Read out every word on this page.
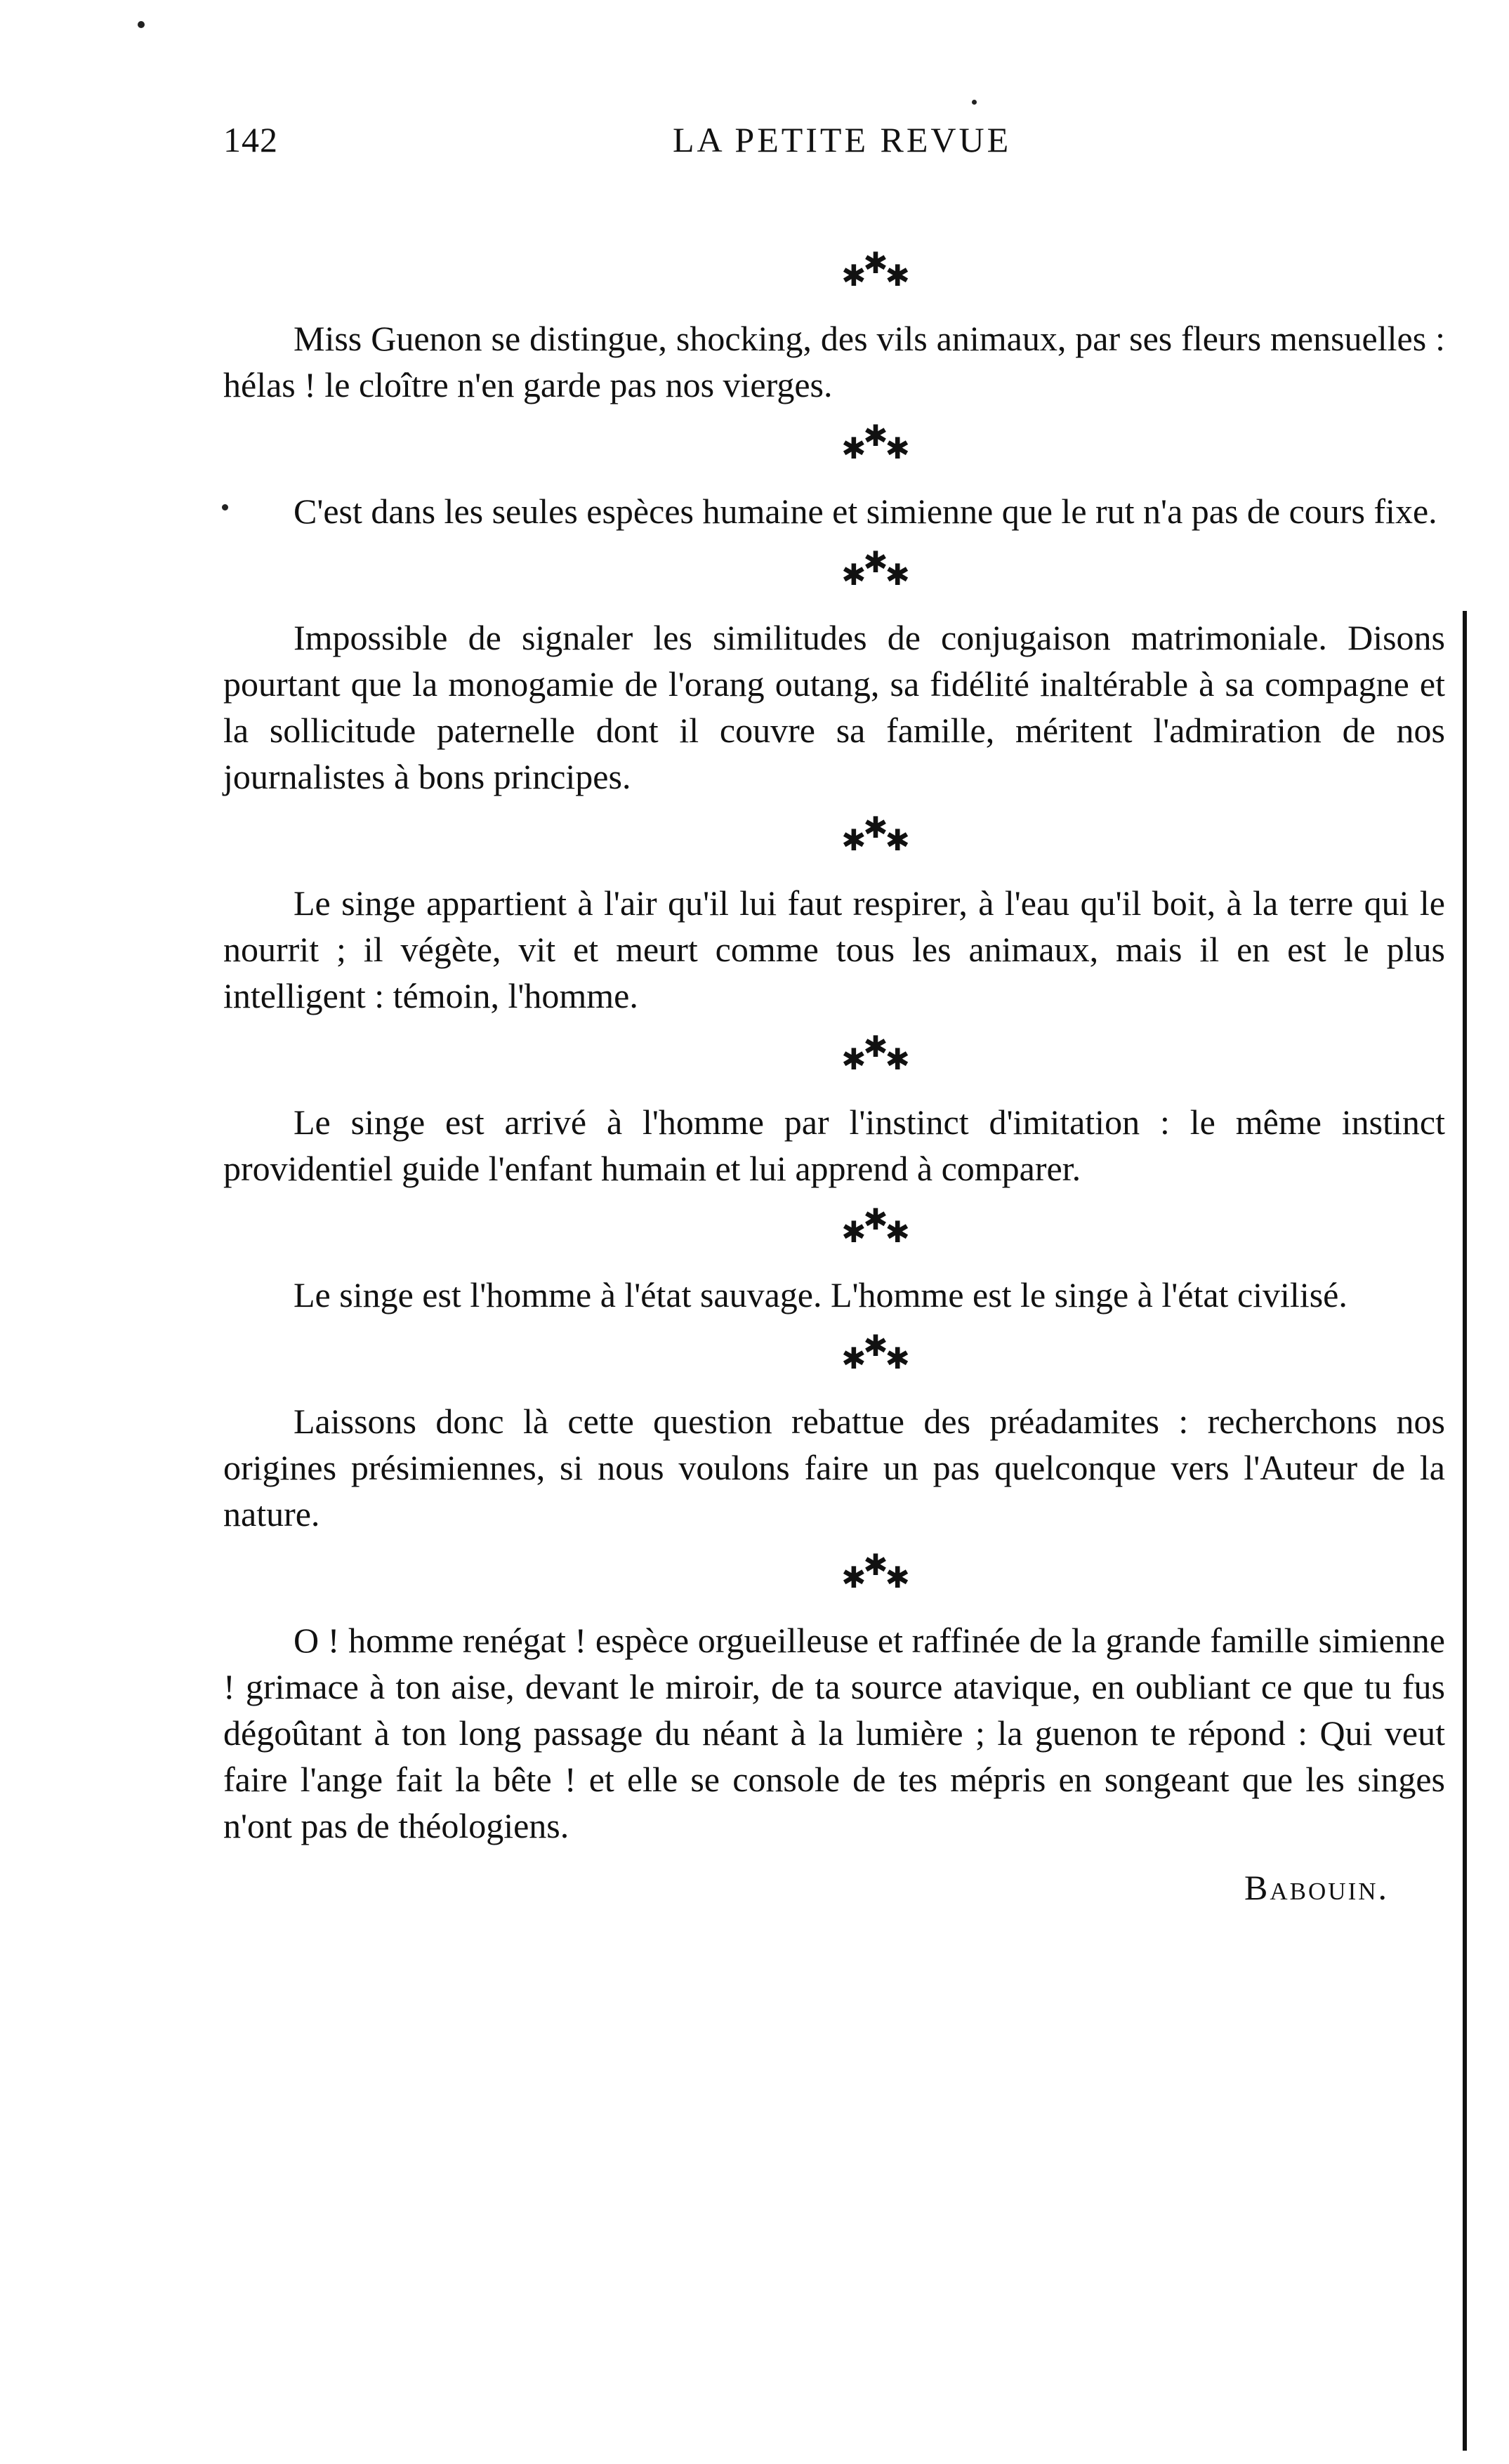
142	LA PETITE REVUE
✱✱✱

Miss Guenon se distingue, shocking, des vils animaux, par ses fleurs mensuelles : hélas ! le cloître n'en garde pas nos vierges.

✱✱✱

C'est dans les seules espèces humaine et simienne que le rut n'a pas de cours fixe.

✱✱✱

Impossible de signaler les similitudes de conjugaison matrimoniale. Disons pourtant que la monogamie de l'orang outang, sa fidélité inaltérable à sa compagne et la sollicitude paternelle dont il couvre sa famille, méritent l'admiration de nos journalistes à bons principes.

✱✱✱

Le singe appartient à l'air qu'il lui faut respirer, à l'eau qu'il boit, à la terre qui le nourrit ; il végète, vit et meurt comme tous les animaux, mais il en est le plus intelligent : témoin, l'homme.

✱✱✱

Le singe est arrivé à l'homme par l'instinct d'imitation : le même instinct providentiel guide l'enfant humain et lui apprend à comparer.

✱✱✱

Le singe est l'homme à l'état sauvage. L'homme est le singe à l'état civilisé.

✱✱✱

Laissons donc là cette question rebattue des préadamites : recherchons nos origines présimiennes, si nous voulons faire un pas quelconque vers l'Auteur de la nature.

✱✱✱

O ! homme renégat ! espèce orgueilleuse et raffinée de la grande famille simienne ! grimace à ton aise, devant le miroir, de ta source atavique, en oubliant ce que tu fus dégoûtant à ton long passage du néant à la lumière ; la guenon te répond : Qui veut faire l'ange fait la bête ! et elle se console de tes mépris en songeant que les singes n'ont pas de théologiens.

Babouin.
